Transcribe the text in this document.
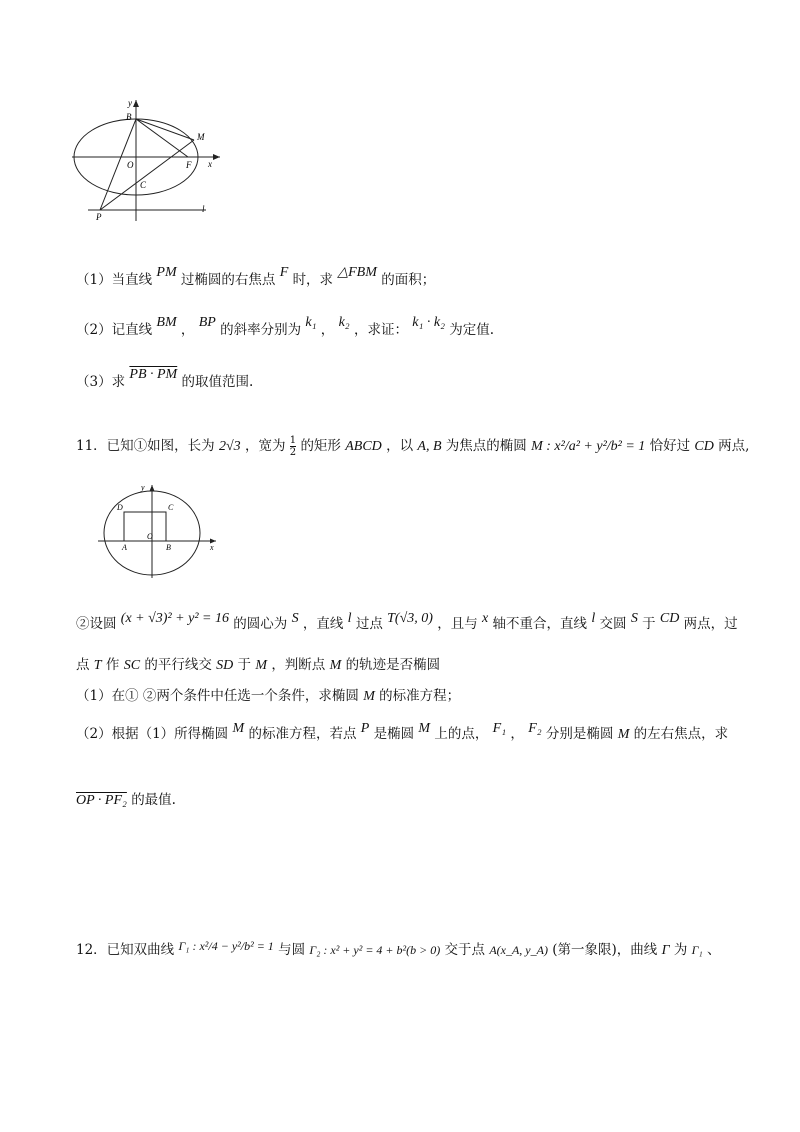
y
x
B
M
O	F
C
P
l
（1）当直线 PM 过椭圆的右焦点 F 时，求 △FBM 的面积；
（2）记直线 BM ， BP 的斜率分别为 k₁ ， k₂ ，求证： k₁ · k₂ 为定值.
（3）求 PB · PM 的取值范围.
11．已知①如图，长为 2√3 ，宽为 $\frac{1}{2}$ 的矩形 ABCD ，以 A, B 为焦点的椭圆 M : x²/a² + y²/b² = 1 恰好过 CD 两点,
D	C
y
A
O
B	x
②设圆 (x + √3)² + y² = 16 的圆心为 S ，直线 l 过点 T(√3, 0) ，且与 x 轴不重合，直线 l 交圆 S 于 CD 两点，过
点 T 作 SC 的平行线交 SD 于 M ，判断点 M 的轨迹是否椭圆
（1）在① ②两个条件中任选一个条件，求椭圆 M 的标准方程；
（2）根据（1）所得椭圆 M 的标准方程，若点 P 是椭圆 M 上的点， F₁ ， F₂ 分别是椭圆 M 的左右焦点，求
OP · PF₂ 的最值.
12．已知双曲线 Γ₁ : x²/4 − y²/b² = 1 与圆 Γ₂ : x² + y² = 4 + b²(b > 0) 交于点 A(x_A, y_A) (第一象限)，曲线 Γ 为 Γ₁ 、
